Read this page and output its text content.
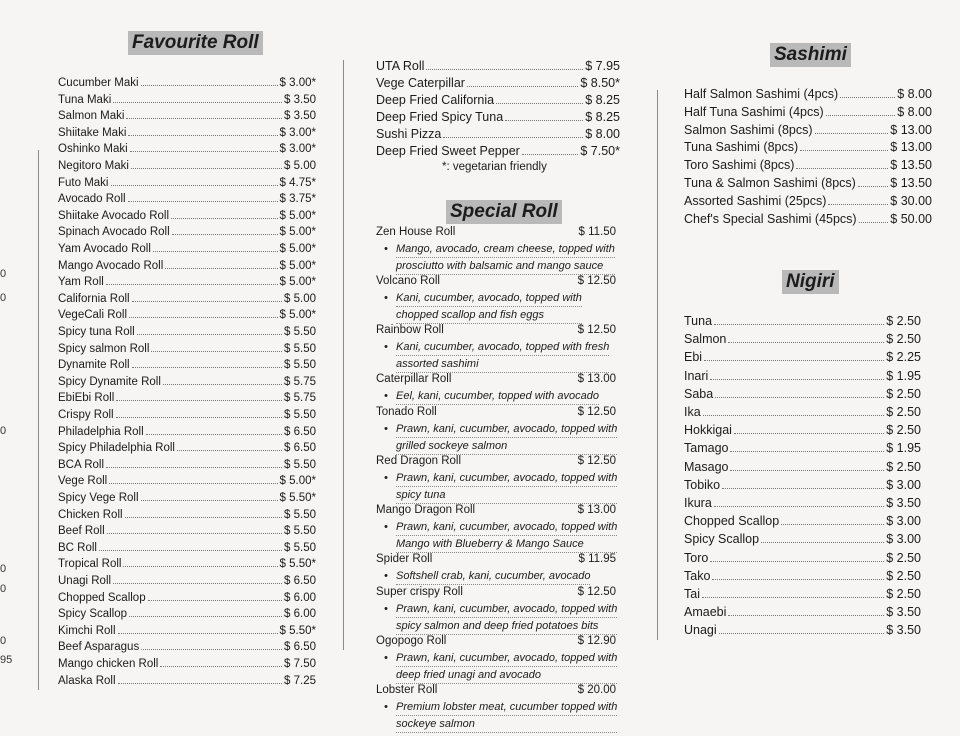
0
0
0
0
0
0
95
Favourite Roll
Cucumber Maki	$ 3.00*
Tuna Maki	$ 3.50
Salmon Maki	$ 3.50
Shiitake Maki	$ 3.00*
Oshinko Maki	$ 3.00*
Negitoro Maki	$ 5.00
Futo Maki	$ 4.75*
Avocado Roll	$ 3.75*
Shiitake Avocado Roll	$ 5.00*
Spinach Avocado Roll	$ 5.00*
Yam Avocado Roll	$ 5.00*
Mango Avocado Roll	$ 5.00*
Yam Roll	$ 5.00*
California Roll	$ 5.00
VegeCali Roll	$ 5.00*
Spicy tuna Roll	$ 5.50
Spicy salmon Roll	$ 5.50
Dynamite Roll	$ 5.50
Spicy Dynamite Roll	$ 5.75
EbiEbi Roll	$ 5.75
Crispy Roll	$ 5.50
Philadelphia Roll	$ 6.50
Spicy Philadelphia Roll	$ 6.50
BCA Roll	$ 5.50
Vege Roll	$ 5.00*
Spicy Vege Roll	$ 5.50*
Chicken Roll	$ 5.50
Beef Roll	$ 5.50
BC Roll	$ 5.50
Tropical Roll	$ 5.50*
Unagi Roll	$ 6.50
Chopped Scallop	$ 6.00
Spicy Scallop	$ 6.00
Kimchi Roll	$ 5.50*
Beef Asparagus	$ 6.50
Mango chicken Roll	$ 7.50
Alaska Roll	$ 7.25
UTA Roll	$ 7.95
Vege Caterpillar	$ 8.50*
Deep Fried California	$ 8.25
Deep Fried Spicy Tuna	$ 8.25
Sushi Pizza	$ 8.00
Deep Fried Sweet Pepper	$ 7.50*
*: vegetarian friendly
Special Roll
Zen House Roll	$ 11.50
• Mango, avocado, cream cheese, topped with
prosciutto with balsamic and mango sauce
Volcano Roll	$ 12.50
• Kani, cucumber, avocado, topped with
chopped scallop and fish eggs
Rainbow Roll	$ 12.50
• Kani, cucumber, avocado, topped with fresh
assorted sashimi
Caterpillar Roll	$ 13.00
• Eel, kani, cucumber, topped with avocado
Tonado Roll	$ 12.50
• Prawn, kani, cucumber, avocado, topped with
grilled sockeye salmon
Red Dragon Roll	$ 12.50
• Prawn, kani, cucumber, avocado, topped with
spicy tuna
Mango Dragon Roll	$ 13.00
• Prawn, kani, cucumber, avocado, topped with
Mango with Blueberry & Mango Sauce
Spider Roll	$ 11.95
• Softshell crab, kani, cucumber, avocado
Super crispy Roll	$ 12.50
• Prawn, kani, cucumber, avocado, topped with
spicy salmon and deep fried potatoes bits
Ogopogo Roll	$ 12.90
• Prawn, kani, cucumber, avocado, topped with
deep fried unagi and avocado
Lobster Roll	$ 20.00
• Premium lobster meat, cucumber topped with
sockeye salmon
Sashimi
Half Salmon Sashimi (4pcs)	$ 8.00
Half Tuna Sashimi (4pcs)	$ 8.00
Salmon Sashimi (8pcs)	$ 13.00
Tuna Sashimi (8pcs)	$ 13.00
Toro Sashimi (8pcs)	$ 13.50
Tuna & Salmon Sashimi (8pcs)	$ 13.50
Assorted Sashimi (25pcs)	$ 30.00
Chef's Special Sashimi (45pcs)	$ 50.00
Nigiri
Tuna	$ 2.50
Salmon	$ 2.50
Ebi	$ 2.25
Inari	$ 1.95
Saba	$ 2.50
Ika	$ 2.50
Hokkigai	$ 2.50
Tamago	$ 1.95
Masago	$ 2.50
Tobiko	$ 3.00
Ikura	$ 3.50
Chopped Scallop	$ 3.00
Spicy Scallop	$ 3.00
Toro	$ 2.50
Tako	$ 2.50
Tai	$ 2.50
Amaebi	$ 3.50
Unagi	$ 3.50
